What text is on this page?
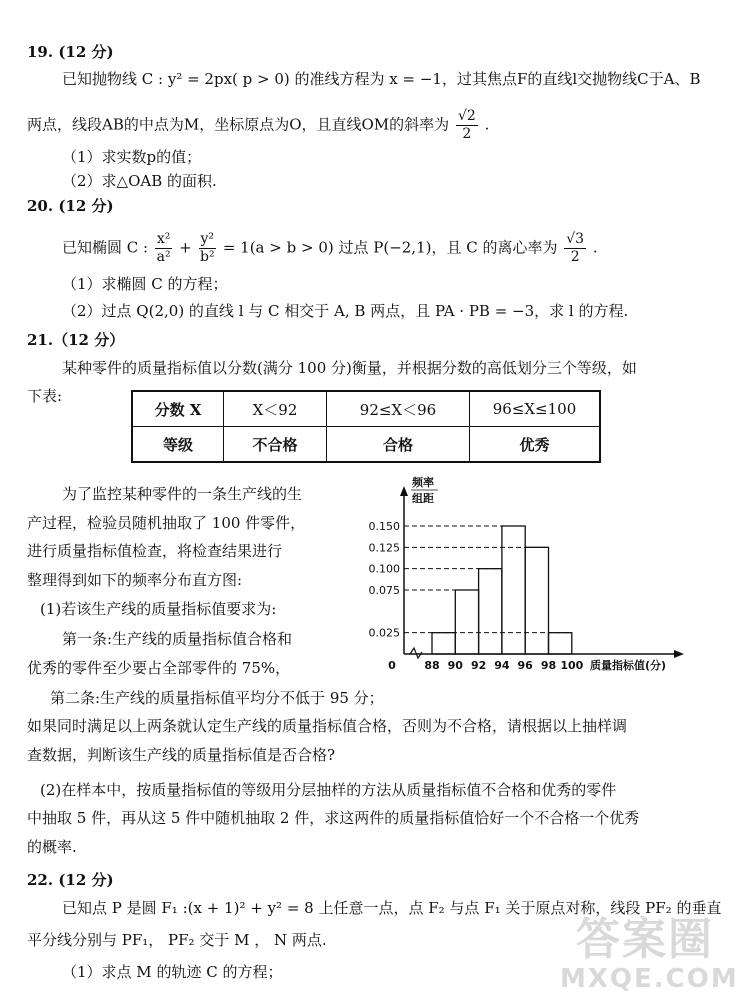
19. (12 分)
已知抛物线 C : y² = 2px( p > 0) 的准线方程为 x = −1，过其焦点F的直线l交抛物线C于A、B
两点，线段AB的中点为M，坐标原点为O，且直线OM的斜率为 $\frac{√2}{2}$ .
（1）求实数p的值；
（2）求△OAB 的面积.
20. (12 分)
已知椭圆 C : $\frac{\text{x²}}{\text{a²}} + \frac{\text{y²}}{\text{b²}} = 1(a > b > 0)$ 过点 P(−2,1)，且 C 的离心率为 $\frac{√3}{2}$ .
（1）求椭圆 C 的方程；
（2）过点 Q(2,0) 的直线 l 与 C 相交于 A, B 两点，且 PA · PB = −3，求 l 的方程.
21.（12 分）
某种零件的质量指标值以分数(满分 100 分)衡量，并根据分数的高低划分三个等级，如
下表:
分数 X	X＜92	92≤X＜96	96≤X≤100
等级	不合格	合格	优秀
为了监控某种零件的一条生产线的生
产过程，检验员随机抽取了 100 件零件，
进行质量指标值检查，将检查结果进行
整理得到如下的频率分布直方图:
(1)若该生产线的质量指标值要求为:
第一条:生产线的质量指标值合格和
优秀的零件至少要占全部零件的 75%，
第二条:生产线的质量指标值平均分不低于 95 分；
如果同时满足以上两条就认定生产线的质量指标值合格，否则为不合格，请根据以上抽样调
查数据，判断该生产线的质量指标值是否合格?
(2)在样本中，按质量指标值的等级用分层抽样的方法从质量指标值不合格和优秀的零件
中抽取 5 件，再从这 5 件中随机抽取 2 件，求这两件的质量指标值恰好一个不合格一个优秀
的概率.
0.025
0.075
0.100
0.125
0.150
88 90 92 94 96 98 100
0
频率
组距
质量指标值(分)
22. (12 分)
已知点 P 是圆 F₁ :(x + 1)² + y² = 8 上任意一点，点 F₂ 与点 F₁ 关于原点对称，线段 PF₂ 的垂直
平分线分别与 PF₁， PF₂ 交于 M ， N 两点.
（1）求点 M 的轨迹 C 的方程；
答案圈
MXQE.COM
